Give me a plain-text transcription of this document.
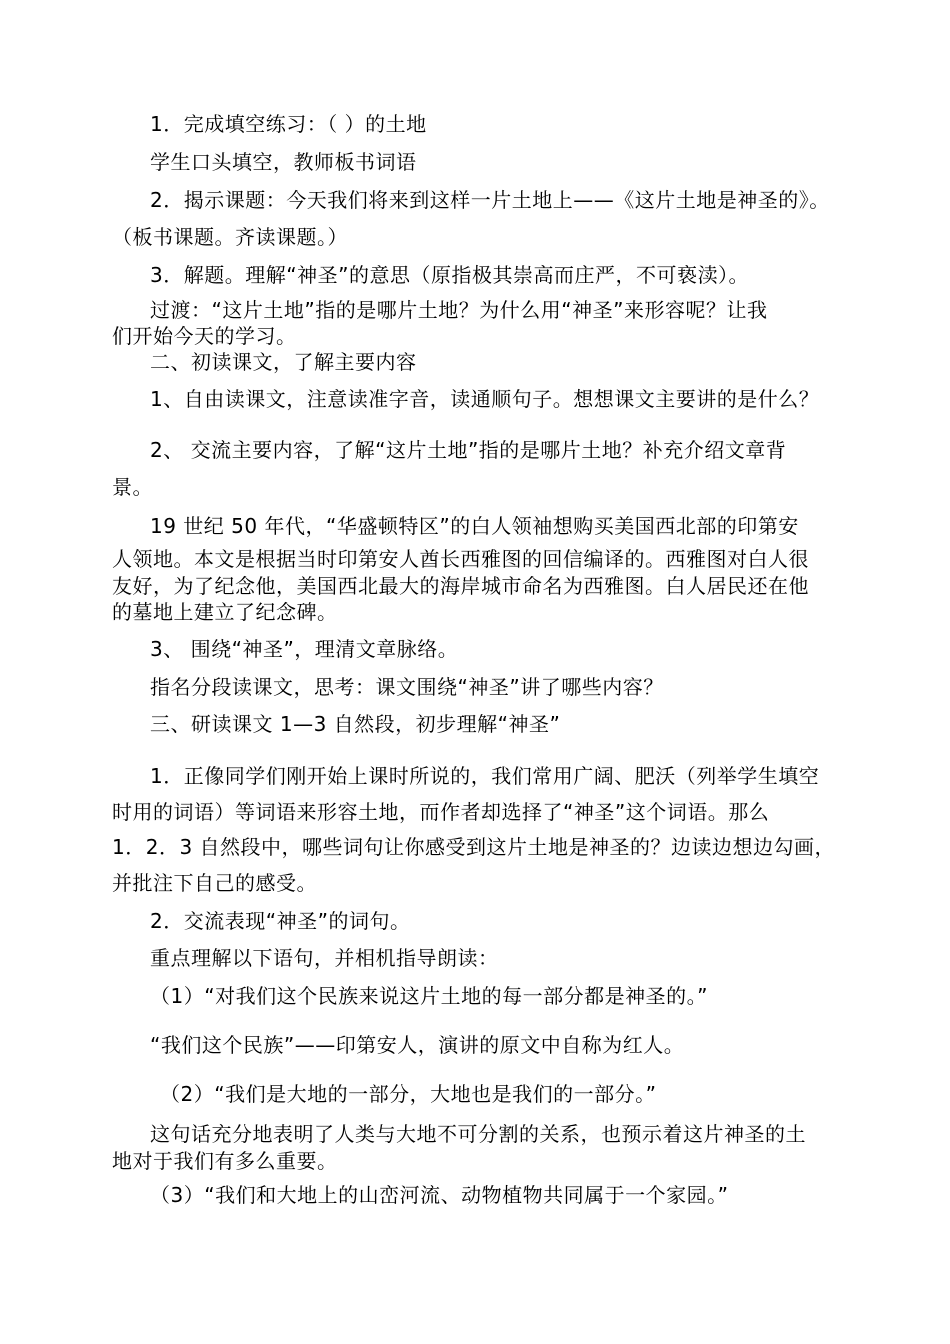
1．完成填空练习：（ ）的土地
学生口头填空，教师板书词语
2．揭示课题：今天我们将来到这样一片土地上——《这片土地是神圣的》。
（板书课题。齐读课题。）
3．解题。理解“神圣”的意思（原指极其崇高而庄严，不可亵渎）。
过渡：“这片土地”指的是哪片土地？为什么用“神圣”来形容呢？让我
们开始今天的学习。
二、初读课文，了解主要内容
1、自由读课文，注意读准字音，读通顺句子。想想课文主要讲的是什么？
2、 交流主要内容，了解“这片土地”指的是哪片土地？补充介绍文章背
景。
19 世纪 50 年代，“华盛顿特区”的白人领袖想购买美国西北部的印第安
人领地。本文是根据当时印第安人酋长西雅图的回信编译的。西雅图对白人很
友好，为了纪念他，美国西北最大的海岸城市命名为西雅图。白人居民还在他
的墓地上建立了纪念碑。
3、 围绕“神圣”，理清文章脉络。
指名分段读课文，思考：课文围绕“神圣”讲了哪些内容？
三、研读课文 1—3 自然段，初步理解“神圣”
1．正像同学们刚开始上课时所说的，我们常用广阔、肥沃（列举学生填空
时用的词语）等词语来形容土地，而作者却选择了“神圣”这个词语。那么
1．2．3 自然段中，哪些词句让你感受到这片土地是神圣的？边读边想边勾画，
并批注下自己的感受。
2．交流表现“神圣”的词句。
重点理解以下语句，并相机指导朗读：
（1）“对我们这个民族来说这片土地的每一部分都是神圣的。”
“我们这个民族”——印第安人，演讲的原文中自称为红人。
（2）“我们是大地的一部分，大地也是我们的一部分。”
这句话充分地表明了人类与大地不可分割的关系，也预示着这片神圣的土
地对于我们有多么重要。
（3）“我们和大地上的山峦河流、动物植物共同属于一个家园。”
